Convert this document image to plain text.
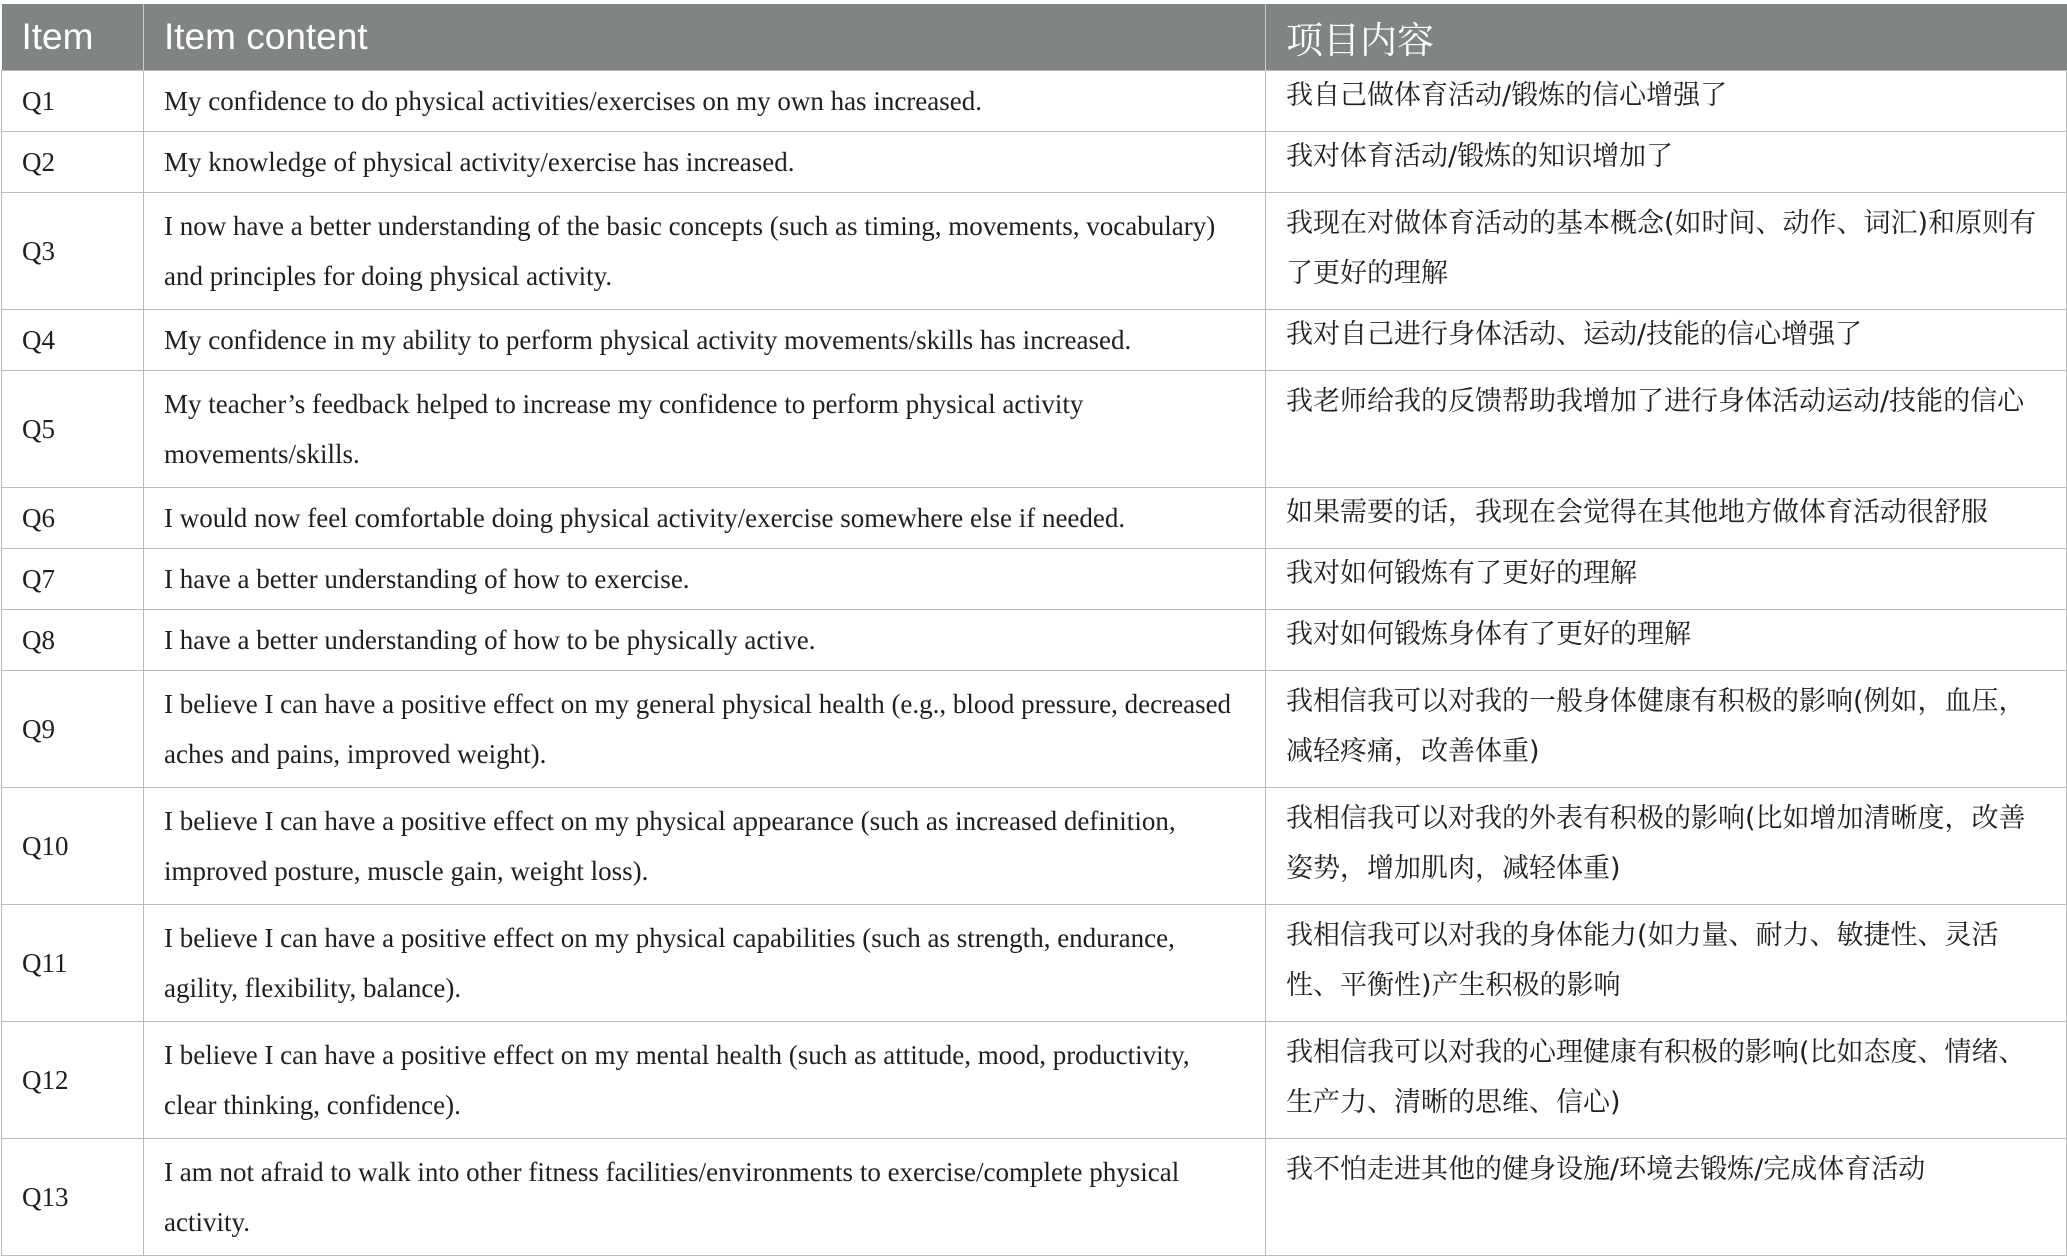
Item	Item content	项目内容
Q1	My confidence to do physical activities/exercises on my own has increased.	我自己做体育活动/锻炼的信心增强了
Q2	My knowledge of physical activity/exercise has increased.	我对体育活动/锻炼的知识增加了
Q3	I now have a better understanding of the basic concepts (such as timing, movements, vocabulary) and principles for doing physical activity.	我现在对做体育活动的基本概念(如时间、动作、词汇)和原则有了更好的理解
Q4	My confidence in my ability to perform physical activity movements/skills has increased.	我对自己进行身体活动、运动/技能的信心增强了
Q5	My teacher’s feedback helped to increase my confidence to perform physical activity movements/skills.	我老师给我的反馈帮助我增加了进行身体活动运动/技能的信心
Q6	I would now feel comfortable doing physical activity/exercise somewhere else if needed.	如果需要的话，我现在会觉得在其他地方做体育活动很舒服
Q7	I have a better understanding of how to exercise.	我对如何锻炼有了更好的理解
Q8	I have a better understanding of how to be physically active.	我对如何锻炼身体有了更好的理解
Q9	I believe I can have a positive effect on my general physical health (e.g., blood pressure, decreased aches and pains, improved weight).	我相信我可以对我的一般身体健康有积极的影响(例如，血压，减轻疼痛，改善体重)
Q10	I believe I can have a positive effect on my physical appearance (such as increased definition, improved posture, muscle gain, weight loss).	我相信我可以对我的外表有积极的影响(比如增加清晰度，改善姿势，增加肌肉，减轻体重)
Q11	I believe I can have a positive effect on my physical capabilities (such as strength, endurance, agility, flexibility, balance).	我相信我可以对我的身体能力(如力量、耐力、敏捷性、灵活性、平衡性)产生积极的影响
Q12	I believe I can have a positive effect on my mental health (such as attitude, mood, productivity, clear thinking, confidence).	我相信我可以对我的心理健康有积极的影响(比如态度、情绪、生产力、清晰的思维、信心)
Q13	I am not afraid to walk into other fitness facilities/environments to exercise/complete physical activity.	我不怕走进其他的健身设施/环境去锻炼/完成体育活动
